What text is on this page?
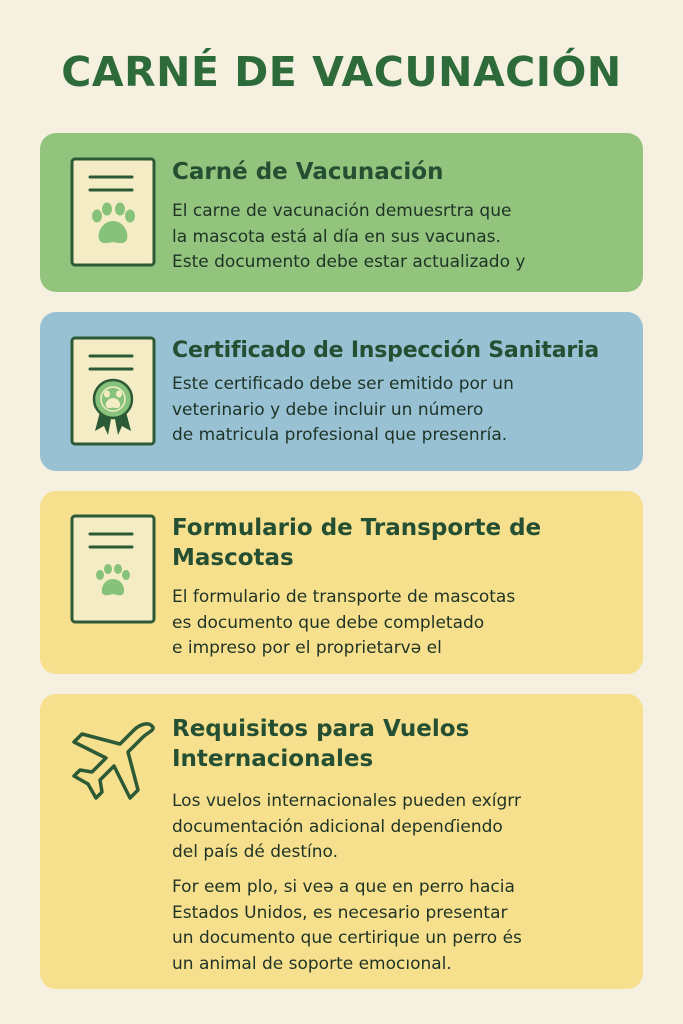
CARNÉ DE VACUNACIÓN
Carné de Vacunación

El carne de vacunación demuesrtra que
la mascota está al día en sus vacunas.
Este documento debe estar actualizado y

Certificado de Inspección Sanitaria

Este certificado debe ser emitido por un
veterinario y debe incluir un número
de matricula profesional que presenría.

Formulario de Transporte de
Mascotas

El formulario de transporte de mascotas
es documento que debe completado
e impreso por el proprietarvə el

Requisitos para Vuelos
Internacionales

Los vuelos internacionales pueden exígrr
documentación adicional depenɗiendo
del país dé destíno.

For eem plo, si veə a que en perro hacia
Estados Unidos, es necesario presentar
un documento que certirique un perro és
un animal de soporte emocıonal.
